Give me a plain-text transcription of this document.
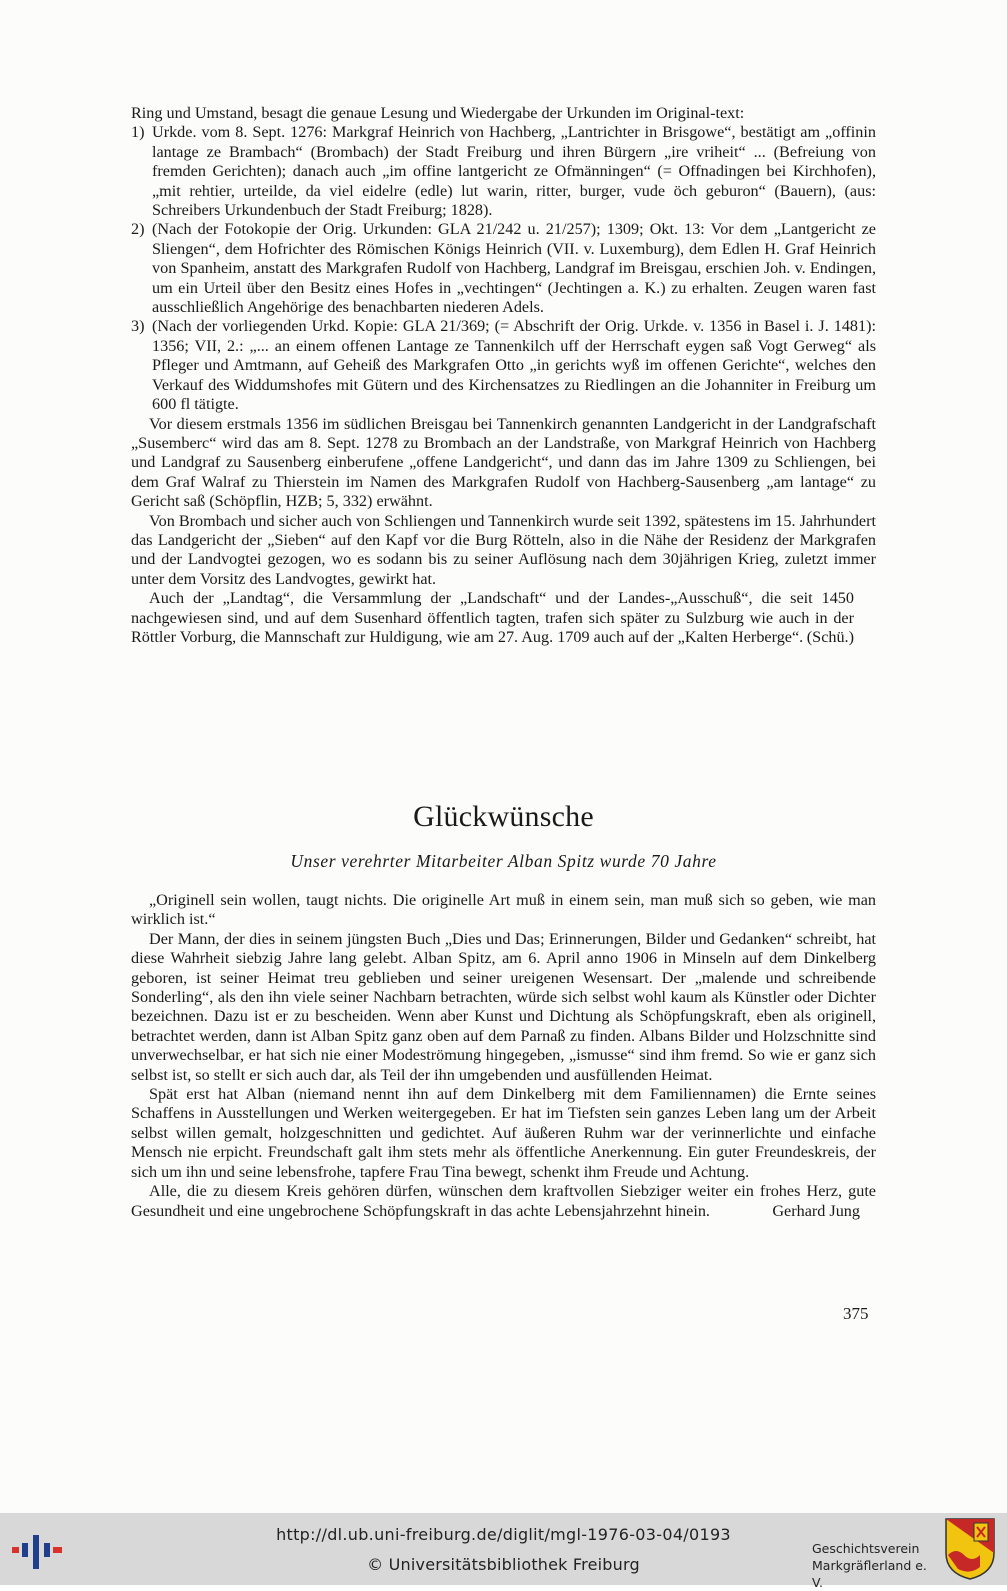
Ring und Umstand, besagt die genaue Lesung und Wiedergabe der Urkunden im Original-text:

1) Urkde. vom 8. Sept. 1276: Markgraf Heinrich von Hachberg, „Lantrichter in Brisgowe“, bestätigt am „offinin lantage ze Brambach“ (Brombach) der Stadt Freiburg und ihren Bürgern „ire vriheit“ ... (Befreiung von fremden Gerichten); danach auch „im offine lantgericht ze Ofmänningen“ (= Offnadingen bei Kirchhofen), „mit rehtier, urteilde, da viel eidelre (edle) lut warin, ritter, burger, vude öch geburon“ (Bauern), (aus: Schreibers Urkundenbuch der Stadt Freiburg; 1828).
2) (Nach der Fotokopie der Orig. Urkunden: GLA 21/242 u. 21/257); 1309; Okt. 13: Vor dem „Lantgericht ze Sliengen“, dem Hofrichter des Römischen Königs Heinrich (VII. v. Luxemburg), dem Edlen H. Graf Heinrich von Spanheim, anstatt des Markgrafen Rudolf von Hachberg, Landgraf im Breisgau, erschien Joh. v. Endingen, um ein Urteil über den Besitz eines Hofes in „vechtingen“ (Jechtingen a. K.) zu erhalten. Zeugen waren fast ausschließlich Angehörige des benachbarten niederen Adels.
3) (Nach der vorliegenden Urkd. Kopie: GLA 21/369; (= Abschrift der Orig. Urkde. v. 1356 in Basel i. J. 1481): 1356; VII, 2.: „... an einem offenen Lantage ze Tannenkilch uff der Herrschaft eygen saß Vogt Gerweg“ als Pfleger und Amtmann, auf Geheiß des Markgrafen Otto „in gerichts wyß im offenen Gerichte“, welches den Verkauf des Widdumshofes mit Gütern und des Kirchensatzes zu Riedlingen an die Johanniter in Freiburg um 600 fl tätigte.

Vor diesem erstmals 1356 im südlichen Breisgau bei Tannenkirch genannten Landgericht in der Landgrafschaft „Susemberc“ wird das am 8. Sept. 1278 zu Brombach an der Landstraße, von Markgraf Heinrich von Hachberg und Landgraf zu Sausenberg einberufene „offene Landgericht“, und dann das im Jahre 1309 zu Schliengen, bei dem Graf Walraf zu Thierstein im Namen des Markgrafen Rudolf von Hachberg-Sausenberg „am lantage“ zu Gericht saß (Schöpflin, HZB; 5, 332) erwähnt.

Von Brombach und sicher auch von Schliengen und Tannenkirch wurde seit 1392, spätestens im 15. Jahrhundert das Landgericht der „Sieben“ auf den Kapf vor die Burg Rötteln, also in die Nähe der Residenz der Markgrafen und der Landvogtei gezogen, wo es sodann bis zu seiner Auflösung nach dem 30jährigen Krieg, zuletzt immer unter dem Vorsitz des Landvogtes, gewirkt hat.

Auch der „Landtag“, die Versammlung der „Landschaft“ und der Landes-„Ausschuß“, die seit 1450 nachgewiesen sind, und auf dem Susenhard öffentlich tagten, trafen sich später zu Sulzburg wie auch in der Röttler Vorburg, die Mannschaft zur Huldigung, wie am 27. Aug. 1709 auch auf der „Kalten Herberge“. (Schü.)

Glückwünsche
Unser verehrter Mitarbeiter Alban Spitz wurde 70 Jahre

„Originell sein wollen, taugt nichts. Die originelle Art muß in einem sein, man muß sich so geben, wie man wirklich ist.“

Der Mann, der dies in seinem jüngsten Buch „Dies und Das; Erinnerungen, Bilder und Gedanken“ schreibt, hat diese Wahrheit siebzig Jahre lang gelebt. Alban Spitz, am 6. April anno 1906 in Minseln auf dem Dinkelberg geboren, ist seiner Heimat treu geblieben und seiner ureigenen Wesensart. Der „malende und schreibende Sonderling“, als den ihn viele seiner Nachbarn betrachten, würde sich selbst wohl kaum als Künstler oder Dichter bezeichnen. Dazu ist er zu bescheiden. Wenn aber Kunst und Dichtung als Schöpfungskraft, eben als originell, betrachtet werden, dann ist Alban Spitz ganz oben auf dem Parnaß zu finden. Albans Bilder und Holzschnitte sind unverwechselbar, er hat sich nie einer Modeströmung hingegeben, „ismusse“ sind ihm fremd. So wie er ganz sich selbst ist, so stellt er sich auch dar, als Teil der ihn umgebenden und ausfüllenden Heimat.

Spät erst hat Alban (niemand nennt ihn auf dem Dinkelberg mit dem Familiennamen) die Ernte seines Schaffens in Ausstellungen und Werken weitergegeben. Er hat im Tiefsten sein ganzes Leben lang um der Arbeit selbst willen gemalt, holzgeschnitten und gedichtet. Auf äußeren Ruhm war der verinnerlichte und einfache Mensch nie erpicht. Freundschaft galt ihm stets mehr als öffentliche Anerkennung. Ein guter Freundeskreis, der sich um ihn und seine lebensfrohe, tapfere Frau Tina bewegt, schenkt ihm Freude und Achtung.

Alle, die zu diesem Kreis gehören dürfen, wünschen dem kraftvollen Siebziger weiter ein frohes Herz, gute Gesundheit und eine ungebrochene Schöpfungskraft in das achte Lebensjahrzehnt hinein.	Gerhard Jung

375
http://dl.ub.uni-freiburg.de/diglit/mgl-1976-03-04/0193
© Universitätsbibliothek Freiburg
Geschichtsverein
Markgräflerland e. V.
